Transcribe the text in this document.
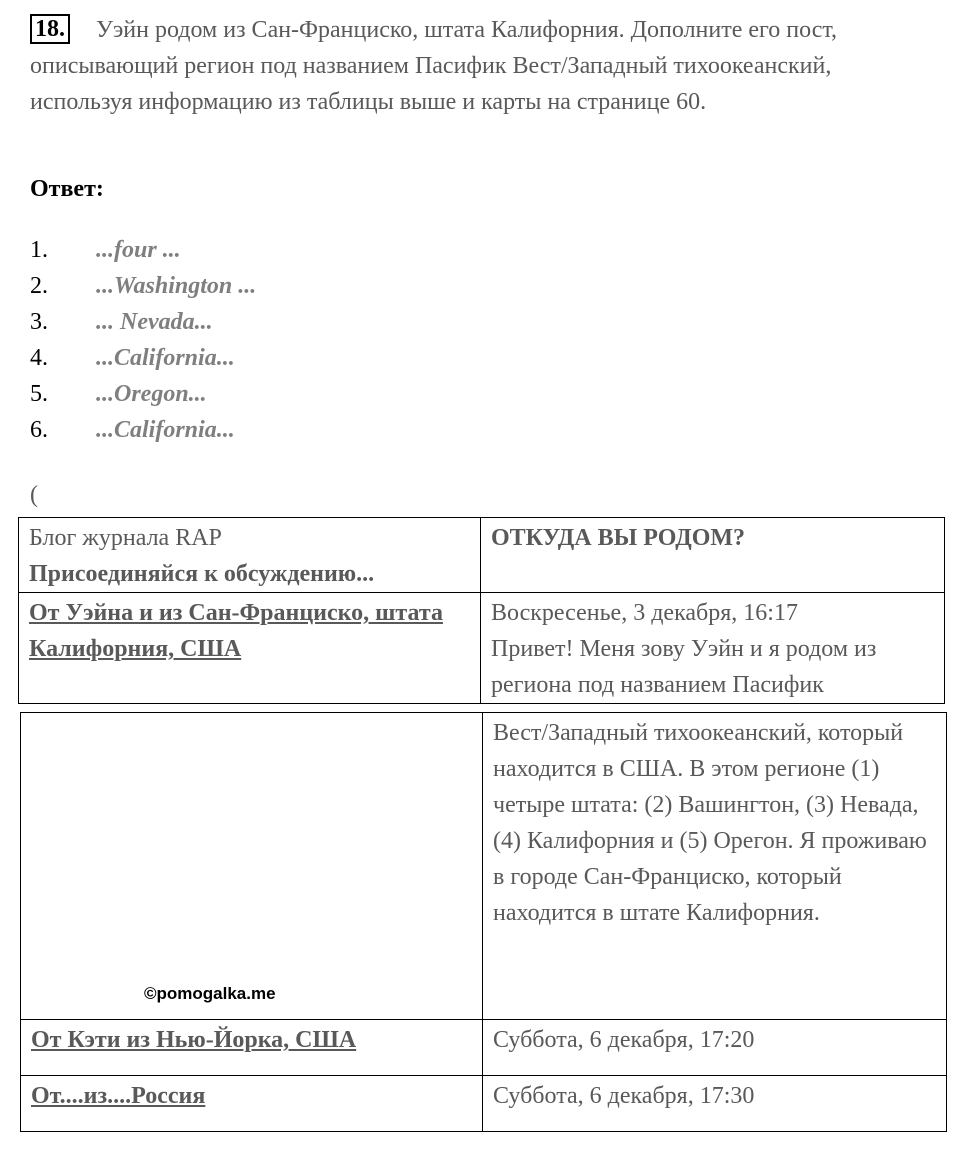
18. Уэйн родом из Сан-Франциско, штата Калифорния. Дополните его пост, описывающий регион под названием Пасифик Вест/Западный тихоокеанский, используя информацию из таблицы выше и карты на странице 60.
Ответ:
1. ...four ...
2. ...Washington ...
3. ... Nevada...
4. ...California...
5. ...Oregon...
6. ...California...
(
Блог журнала RAP
Присоединяйся к обсуждению...	ОТКУДА ВЫ РОДОМ?

От Уэйна и из Сан-Франциско, штата Калифорния, США	Воскресенье, 3 декабря, 16:17
Привет! Меня зову Уэйн и я родом из региона под названием Пасифик

	Вест/Западный тихоокеанский, который находится в США. В этом регионе (1) четыре штата: (2) Вашингтон, (3) Невада, (4) Калифорния и (5) Орегон. Я проживаю в городе Сан-Франциско, который находится в штате Калифорния.

От Кэти из Нью-Йорка, США	Суббота, 6 декабря, 17:20

От....из....Россия	Суббота, 6 декабря, 17:30
©pomogalka.me
